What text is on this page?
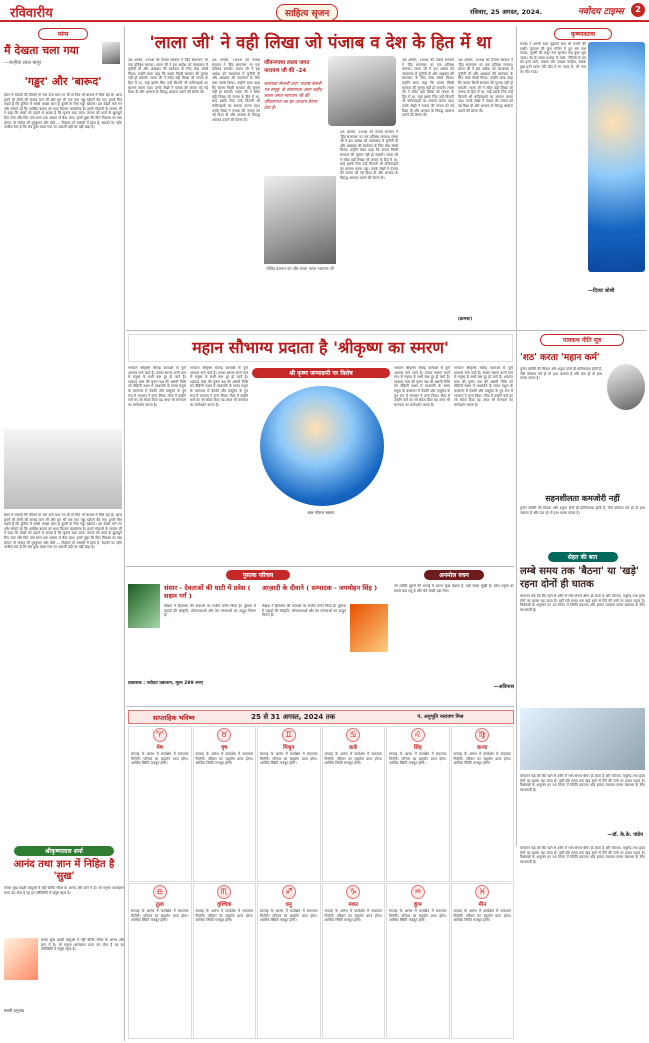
रविवारीय	साहित्य सृजन	रविवार, 25 अगस्त, 2024.	नवोदय टाइम्स	2
व्यंग्य
मैं देखता चला गया
—कन्हैया लाल कपूर
'गड्ढर' और 'बारूद'
ईंधन में लकड़ी की कीमतें तो जरा ऊंचे भाव पर थीं तो फिर भी बाज़ार में मिल रहा है। आज हमने भी लोगों की सलाह मान ली और हम भी एक नया गड्ढा खोदने बैठ गए। हमारे मित्र कहते हैं कि दुनिया में सबसे अच्छा काम है दूसरों के लिए गड्ढा खोदना। हम देखते चले गए और सोचते रहे कि आखिर बारूद का धंधा कितना फायदेमंद है। हमारे मोहल्ले के मास्टर जी ने कहा कि बच्चों को पढ़ाने से अच्छा है कि चुनाव लड़ा जाए। जनता को वादों के झुनझुने दिए जाएं और फिर पांच साल तक आराम से बैठा जाए। हमने पूछा कि फिर विकास का क्या होगा? तो मास्टर जी मुस्कुराए और बोले — विकास तो भाषणों में होता है, सड़कों पर नहीं। अजीब बात है कि सब कुछ बदल गया पर आदमी वहीं का वहीं खड़ा है।
ईंधन में लकड़ी की कीमतें तो जरा ऊंचे भाव पर थीं तो फिर भी बाज़ार में मिल रहा है। आज हमने भी लोगों की सलाह मान ली और हम भी एक नया गड्ढा खोदने बैठ गए। हमारे मित्र कहते हैं कि दुनिया में सबसे अच्छा काम है दूसरों के लिए गड्ढा खोदना। हम देखते चले गए और सोचते रहे कि आखिर बारूद का धंधा कितना फायदेमंद है। हमारे मोहल्ले के मास्टर जी ने कहा कि बच्चों को पढ़ाने से अच्छा है कि चुनाव लड़ा जाए। जनता को वादों के झुनझुने दिए जाएं और फिर पांच साल तक आराम से बैठा जाए। हमने पूछा कि फिर विकास का क्या होगा? तो मास्टर जी मुस्कुराए और बोले — विकास तो भाषणों में होता है, सड़कों पर नहीं। अजीब बात है कि सब कुछ बदल गया पर आदमी वहीं का वहीं खड़ा है।
'लाला जी' ने वही लिखा जो पंजाब व देश के हित में था
26 अगस्त, 1956 को पंजाब सरकार ने 'हिंद समाचार' पर एक प्रतिबंध लगाया। लाला जी ने इस आदेश को न्यायालय में चुनौती दी और अखबार की स्वतंत्रता के लिए लंबा संघर्ष किया। उन्होंने साफ कहा कि कलम किसी सरकार की गुलाम नहीं हो सकती। लाला जी ने सदैव वही लिखा जो जनता के हित में था, चाहे इसके लिए उन्हें कितनी भी कठिनाइयों का सामना करना पड़ा। उनके लेखों ने पंजाब की जनता को नई दिशा दी और अन्याय के विरुद्ध आवाज उठाने की प्रेरणा दी।
26 अगस्त, 1956 को पंजाब सरकार ने 'हिंद समाचार' पर एक प्रतिबंध लगाया। लाला जी ने इस आदेश को न्यायालय में चुनौती दी और अखबार की स्वतंत्रता के लिए लंबा संघर्ष किया। उन्होंने साफ कहा कि कलम किसी सरकार की गुलाम नहीं हो सकती। लाला जी ने सदैव वही लिखा जो जनता के हित में था, चाहे इसके लिए उन्हें कितनी भी कठिनाइयों का सामना करना पड़ा। उनके लेखों ने पंजाब की जनता को नई दिशा दी और अन्याय के विरुद्ध आवाज उठाने की प्रेरणा दी।
जीवनगाथा लाला जगत नारायण जी की -24
स्वतंत्रता सेनानी तथा 'पंजाब केसरी पत्र समूह' के संस्थापक अमर शहीद लाला जगत नारायण जी की जीवनगाथा का हर अध्याय प्रेरणा देता है।
26 अगस्त, 1956 को पंजाब सरकार ने 'हिंद समाचार' पर एक प्रतिबंध लगाया। लाला जी ने इस आदेश को न्यायालय में चुनौती दी और अखबार की स्वतंत्रता के लिए लंबा संघर्ष किया। उन्होंने साफ कहा कि कलम किसी सरकार की गुलाम नहीं हो सकती। लाला जी ने सदैव वही लिखा जो जनता के हित में था, चाहे इसके लिए उन्हें कितनी भी कठिनाइयों का सामना करना पड़ा। उनके लेखों ने पंजाब की जनता को नई दिशा दी और अन्याय के विरुद्ध आवाज उठाने की प्रेरणा दी।
26 अगस्त, 1956 को पंजाब सरकार ने 'हिंद समाचार' पर एक प्रतिबंध लगाया। लाला जी ने इस आदेश को न्यायालय में चुनौती दी और अखबार की स्वतंत्रता के लिए लंबा संघर्ष किया। उन्होंने साफ कहा कि कलम किसी सरकार की गुलाम नहीं हो सकती। लाला जी ने सदैव वही लिखा जो जनता के हित में था, चाहे इसके लिए उन्हें कितनी भी कठिनाइयों का सामना करना पड़ा। उनके लेखों ने पंजाब की जनता को नई दिशा दी और अन्याय के विरुद्ध आवाज उठाने की प्रेरणा दी।
गोविंद वल्लभ पंत और लाला जगत नारायण जी
26 अगस्त, 1956 को पंजाब सरकार ने 'हिंद समाचार' पर एक प्रतिबंध लगाया। लाला जी ने इस आदेश को न्यायालय में चुनौती दी और अखबार की स्वतंत्रता के लिए लंबा संघर्ष किया। उन्होंने साफ कहा कि कलम किसी सरकार की गुलाम नहीं हो सकती। लाला जी ने सदैव वही लिखा जो जनता के हित में था, चाहे इसके लिए उन्हें कितनी भी कठिनाइयों का सामना करना पड़ा। उनके लेखों ने पंजाब की जनता को नई दिशा दी और अन्याय के विरुद्ध आवाज उठाने की प्रेरणा दी।
(क्रमशः)
कृष्णाकाव्य
कान्हा रे अपनी राधा मुझको बना लो चरणों की दासी। वृंदावन की कुंज गलिन में तुम संग रास रचाऊं, मुरली की मधुर तान सुनकर सब कुछ भूल जाऊं। नंद के लाला यशोदा के प्यारे, गोपियों के मन को हरने वाले, माखन चोर नटखट कन्हैया, सबके दुख हरने वाले। तेरी प्रीत में रंग जाऊं मैं, तेरे नाम का गीत गाऊं।
—दिव्या जोशी
महान सौभाग्य प्रदाता है 'श्रीकृष्ण का स्मरण'
भगवान श्रीकृष्ण सोलह कलाओं से पूर्ण अवतार माने जाते हैं। उनका स्मरण करने मात्र से मनुष्य के सभी कष्ट दूर हो जाते हैं। भाद्रपद मास की कृष्ण पक्ष की अष्टमी तिथि को रोहिणी नक्षत्र में मध्यरात्रि के समय मथुरा के कारागार में देवकी और वासुदेव के पुत्र रूप में भगवान ने जन्म लिया। गीता में उन्होंने कर्म का जो संदेश दिया वह आज भी मानवता का मार्गदर्शन करता है।
भगवान श्रीकृष्ण सोलह कलाओं से पूर्ण अवतार माने जाते हैं। उनका स्मरण करने मात्र से मनुष्य के सभी कष्ट दूर हो जाते हैं। भाद्रपद मास की कृष्ण पक्ष की अष्टमी तिथि को रोहिणी नक्षत्र में मध्यरात्रि के समय मथुरा के कारागार में देवकी और वासुदेव के पुत्र रूप में भगवान ने जन्म लिया। गीता में उन्होंने कर्म का जो संदेश दिया वह आज भी मानवता का मार्गदर्शन करता है।
श्री कृष्ण जन्माष्टमी पर विशेष
बाल गोपाल स्वरूप
भगवान श्रीकृष्ण सोलह कलाओं से पूर्ण अवतार माने जाते हैं। उनका स्मरण करने मात्र से मनुष्य के सभी कष्ट दूर हो जाते हैं। भाद्रपद मास की कृष्ण पक्ष की अष्टमी तिथि को रोहिणी नक्षत्र में मध्यरात्रि के समय मथुरा के कारागार में देवकी और वासुदेव के पुत्र रूप में भगवान ने जन्म लिया। गीता में उन्होंने कर्म का जो संदेश दिया वह आज भी मानवता का मार्गदर्शन करता है।
भगवान श्रीकृष्ण सोलह कलाओं से पूर्ण अवतार माने जाते हैं। उनका स्मरण करने मात्र से मनुष्य के सभी कष्ट दूर हो जाते हैं। भाद्रपद मास की कृष्ण पक्ष की अष्टमी तिथि को रोहिणी नक्षत्र में मध्यरात्रि के समय मथुरा के कारागार में देवकी और वासुदेव के पुत्र रूप में भगवान ने जन्म लिया। गीता में उन्होंने कर्म का जो संदेश दिया वह आज भी मानवता का मार्गदर्शन करता है।
पावकथ नीति सूत्र
'शठ' करता 'महान कर्म'
दुर्जन व्यक्ति की मित्रता और शत्रुता दोनों ही हानिकारक होती हैं, जैसे कोयला गर्म हो तो हाथ जलाता है और ठंडा हो तो हाथ काला करता है।
सहनशीलता कमजोरी नहीं
दुर्जन व्यक्ति की मित्रता और शत्रुता दोनों ही हानिकारक होती हैं, जैसे कोयला गर्म हो तो हाथ जलाता है और ठंडा हो तो हाथ काला करता है।
सेहत की बात
लम्बे समय तक 'बैठना' या 'खड़े' रहना दोनों ही घातक
लगातार कई घंटे बैठे रहने से शरीर में रक्त संचार धीमा हो जाता है और मोटापा, मधुमेह तथा हृदय रोगों का खतरा बढ़ जाता है। वहीं लंबे समय तक खड़े रहने से पैरों की नसों पर दबाव पड़ता है। विशेषज्ञों के अनुसार हर 30 मिनट में स्थिति बदलना और हल्का व्यायाम करना स्वास्थ्य के लिए लाभकारी है।
लगातार कई घंटे बैठे रहने से शरीर में रक्त संचार धीमा हो जाता है और मोटापा, मधुमेह तथा हृदय रोगों का खतरा बढ़ जाता है। वहीं लंबे समय तक खड़े रहने से पैरों की नसों पर दबाव पड़ता है। विशेषज्ञों के अनुसार हर 30 मिनट में स्थिति बदलना और हल्का व्यायाम करना स्वास्थ्य के लिए लाभकारी है।
—डॉ. के.के. पांडेय
पुस्तक परिचय
संसार - देवताओं की घाटी में प्रवेश ( सक्षम गर्ग )
लेखक ने हिमालय की यात्राओं का सजीव वर्णन किया है। पुस्तक में पहाड़ों की संस्कृति, लोककथाओं और देव परंपराओं का अद्भुत चित्रण है।
आज़ादी के दीवाने ( सम्पादक - जगमोहन सिंह )
लेखक ने हिमालय की यात्राओं का सजीव वर्णन किया है। पुस्तक में पहाड़ों की संस्कृति, लोककथाओं और देव परंपराओं का अद्भुत चित्रण है।
प्रकाशक : नवोदय प्रकाशन, मूल्य 299 रुपए
अनमोल वचन
जो व्यक्ति दूसरों की भलाई में अपना सुख देखता है, वही सच्चा सुखी है। क्रोध मनुष्य का सबसे बड़ा शत्रु है और धैर्य सबसे बड़ा मित्र।
—अविनाश
श्रीकृष्णलाल शर्मा
आनंद तथा ज्ञान में निहित है 'सुख'
सच्चा सुख बाहरी वस्तुओं में नहीं बल्कि भीतर के आनंद और ज्ञान में है। जो मनुष्य आत्मज्ञान प्राप्त कर लेता है वह हर परिस्थिति में संतुष्ट रहता है।
सच्चा सुख बाहरी वस्तुओं में नहीं बल्कि भीतर के आनंद और ज्ञान में है। जो मनुष्य आत्मज्ञान प्राप्त कर लेता है वह हर परिस्थिति में संतुष्ट रहता है।
स्वामी प्रभुपाद
साप्ताहिक भविष्य	25 से 31 अगस्त, 2024 तक	पं. अनुभूति नारायण मिश्र
♈
मेष
सप्ताह के आरंभ में कार्यक्षेत्र में सफलता मिलेगी। परिवार का सहयोग प्राप्त होगा। आर्थिक स्थिति मजबूत होगी।
♉
वृष
सप्ताह के आरंभ में कार्यक्षेत्र में सफलता मिलेगी। परिवार का सहयोग प्राप्त होगा। आर्थिक स्थिति मजबूत होगी।
♊
मिथुन
सप्ताह के आरंभ में कार्यक्षेत्र में सफलता मिलेगी। परिवार का सहयोग प्राप्त होगा। आर्थिक स्थिति मजबूत होगी।
♋
कर्क
सप्ताह के आरंभ में कार्यक्षेत्र में सफलता मिलेगी। परिवार का सहयोग प्राप्त होगा। आर्थिक स्थिति मजबूत होगी।
♌
सिंह
सप्ताह के आरंभ में कार्यक्षेत्र में सफलता मिलेगी। परिवार का सहयोग प्राप्त होगा। आर्थिक स्थिति मजबूत होगी।
♍
कन्या
सप्ताह के आरंभ में कार्यक्षेत्र में सफलता मिलेगी। परिवार का सहयोग प्राप्त होगा। आर्थिक स्थिति मजबूत होगी।
♎
तुला
सप्ताह के आरंभ में कार्यक्षेत्र में सफलता मिलेगी। परिवार का सहयोग प्राप्त होगा। आर्थिक स्थिति मजबूत होगी।
♏
वृश्चिक
सप्ताह के आरंभ में कार्यक्षेत्र में सफलता मिलेगी। परिवार का सहयोग प्राप्त होगा। आर्थिक स्थिति मजबूत होगी।
♐
धनु
सप्ताह के आरंभ में कार्यक्षेत्र में सफलता मिलेगी। परिवार का सहयोग प्राप्त होगा। आर्थिक स्थिति मजबूत होगी।
♑
मकर
सप्ताह के आरंभ में कार्यक्षेत्र में सफलता मिलेगी। परिवार का सहयोग प्राप्त होगा। आर्थिक स्थिति मजबूत होगी।
♒
कुंभ
सप्ताह के आरंभ में कार्यक्षेत्र में सफलता मिलेगी। परिवार का सहयोग प्राप्त होगा। आर्थिक स्थिति मजबूत होगी।
♓
मीन
सप्ताह के आरंभ में कार्यक्षेत्र में सफलता मिलेगी। परिवार का सहयोग प्राप्त होगा। आर्थिक स्थिति मजबूत होगी।
लगातार कई घंटे बैठे रहने से शरीर में रक्त संचार धीमा हो जाता है और मोटापा, मधुमेह तथा हृदय रोगों का खतरा बढ़ जाता है। वहीं लंबे समय तक खड़े रहने से पैरों की नसों पर दबाव पड़ता है। विशेषज्ञों के अनुसार हर 30 मिनट में स्थिति बदलना और हल्का व्यायाम करना स्वास्थ्य के लिए लाभकारी है।
